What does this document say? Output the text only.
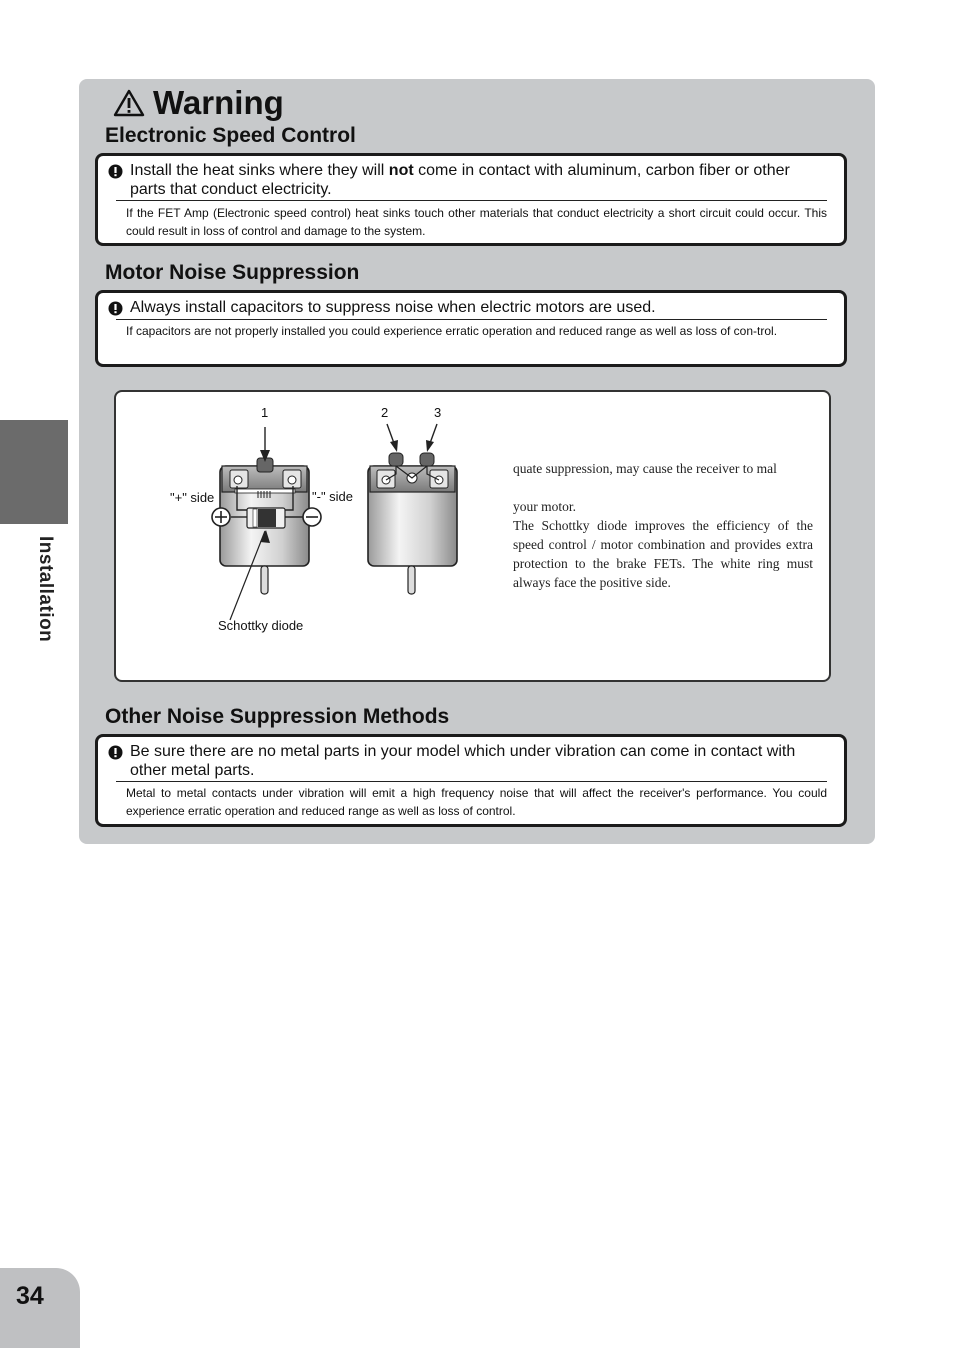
Installation
34
Warning
Electronic Speed Control
Install the heat sinks where they will not come in contact with aluminum, carbon fiber or other parts that conduct electricity.
If the FET Amp (Electronic speed control) heat sinks touch other materials that conduct electricity a short circuit could occur. This could result in loss of control and damage to the system.
Motor Noise Suppression
Always install capacitors to suppress noise when electric motors are used.
If capacitors are not properly installed you could experience erratic operation and reduced range as well as loss of con-trol.
1	2	3
"+" side	"-" side
Schottky diode

quate suppression, may cause the receiver to mal

your motor.

The Schottky diode improves the efficiency of the speed control / motor combination and provides extra protection to the brake FETs. The white ring must always face the positive side.

Other Noise Suppression Methods
Be sure there are no metal parts in your model which under vibration can come in contact with other metal parts.
Metal to metal contacts under vibration will emit a high frequency noise that will affect the receiver's performance. You could experience erratic operation and reduced range as well as loss of control.
